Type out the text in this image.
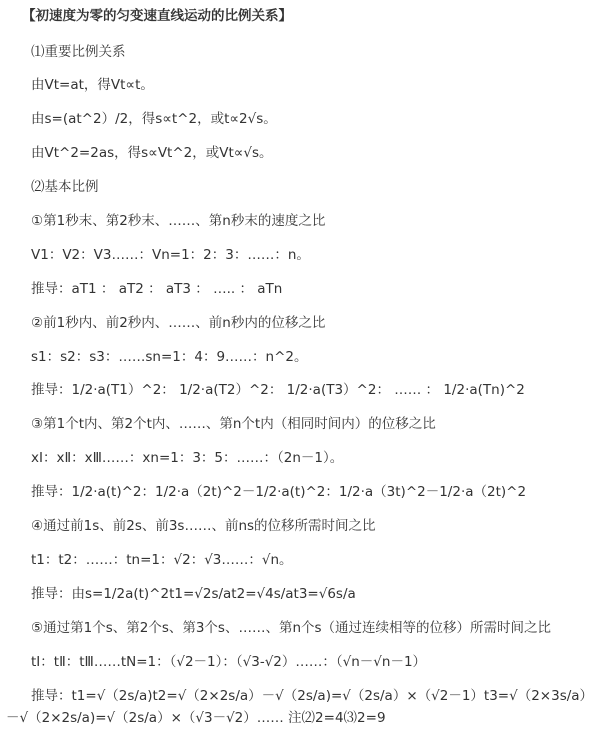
【初速度为零的匀变速直线运动的比例关系】
⑴重要比例关系
由Vt=at，得Vt∝t。
由s=(at^2）/2，得s∝t^2，或t∝2√s。
由Vt^2=2as，得s∝Vt^2，或Vt∝√s。
⑵基本比例
①第1秒末、第2秒末、……、第n秒末的速度之比
V1：V2：V3……：Vn=1：2：3：……：n。
推导：aT1 ： aT2 ： aT3 ： ….. ： aTn
②前1秒内、前2秒内、……、前n秒内的位移之比
s1：s2：s3：……sn=1：4：9……：n^2。
推导：1/2·a(T1）^2： 1/2·a(T2）^2： 1/2·a(T3）^2： …… ： 1/2·a(Tn)^2
③第1个t内、第2个t内、……、第n个t内（相同时间内）的位移之比
xⅠ：xⅡ：xⅢ……：xn=1：3：5：……：（2n－1）。
推导：1/2·a(t)^2：1/2·a（2t)^2－1/2·a(t)^2：1/2·a（3t)^2－1/2·a（2t)^2
④通过前1s、前2s、前3s……、前ns的位移所需时间之比
t1：t2：……：tn=1：√2：√3……：√n。
推导：由s=1/2a(t)^2t1=√2s/at2=√4s/at3=√6s/a
⑤通过第1个s、第2个s、第3个s、……、第n个s（通过连续相等的位移）所需时间之比
tⅠ：tⅡ：tⅢ……tN=1：（√2－1）：（√3-√2）……：（√n－√n－1）
推导：t1=√（2s/a)t2=√（2×2s/a）－√（2s/a)=√（2s/a）×（√2－1）t3=√（2×3s/a）
－√（2×2s/a)=√（2s/a）×（√3－√2）…… 注⑵2=4⑶2=9
